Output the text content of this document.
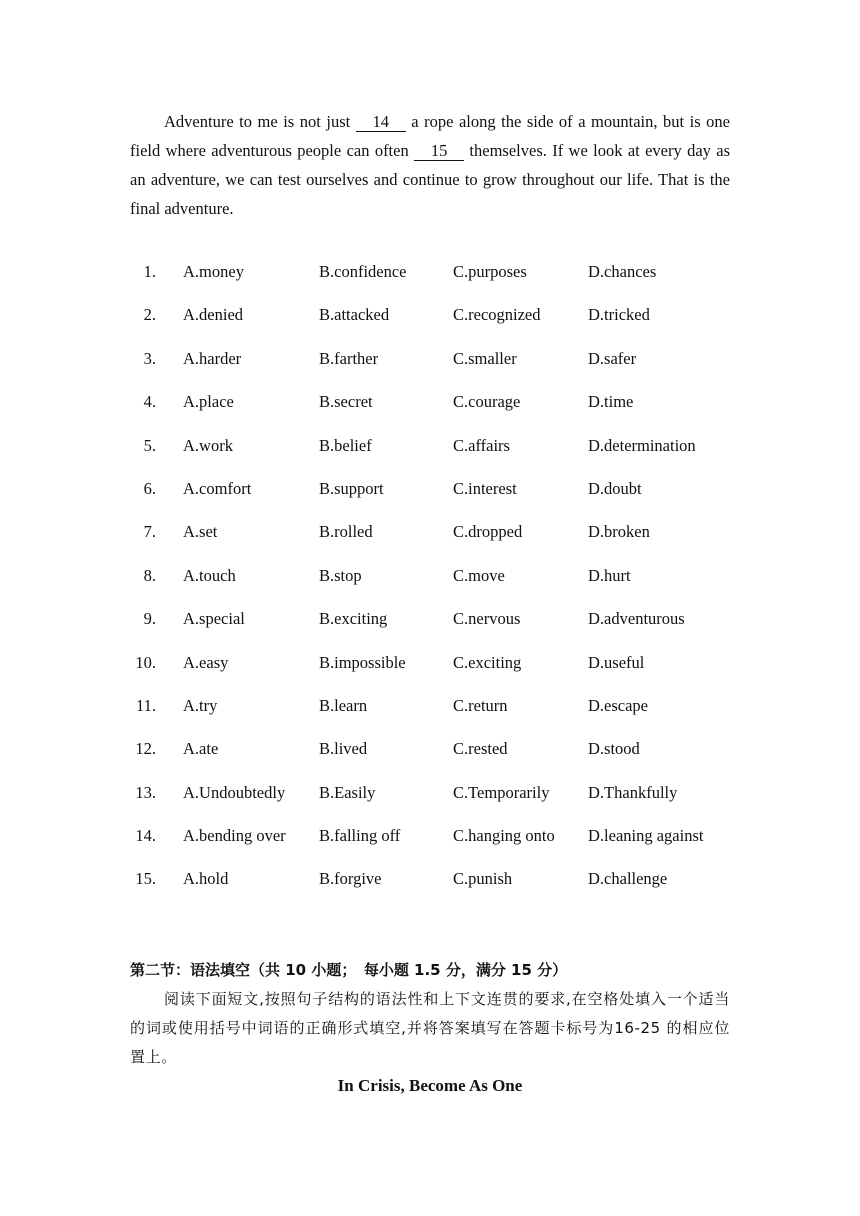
Adventure to me is not just 14 a rope along the side of a mountain, but is one field where adventurous people can often 15 themselves. If we look at every day as an adventure, we can test ourselves and continue to grow throughout our life. That is the final adventure.

1. A.money	B.confidence	C.purposes	D.chances
2. A.denied	B.attacked	C.recognized	D.tricked
3. A.harder	B.farther	C.smaller	D.safer
4. A.place	B.secret	C.courage	D.time
5. A.work	B.belief	C.affairs	D.determination
6. A.comfort	B.support	C.interest	D.doubt
7. A.set	B.rolled	C.dropped	D.broken
8. A.touch	B.stop	C.move	D.hurt
9. A.special	B.exciting	C.nervous	D.adventurous
10. A.easy	B.impossible	C.exciting	D.useful
11. A.try	B.learn	C.return	D.escape
12. A.ate	B.lived	C.rested	D.stood
13. A.Undoubtedly B.Easily	C.Temporarily D.Thankfully
14. A.bending over B.falling off	C.hanging onto D.leaning against
15. A.hold	B.forgive	C.punish	D.challenge

第二节：语法填空（共 10 小题；　每小题 1.5 分，满分 15 分）

阅读下面短文,按照句子结构的语法性和上下文连贯的要求,在空格处填入一个适当的词或使用括号中词语的正确形式填空,并将答案填写在答题卡标号为16-25 的相应位置上。

In Crisis, Become As One
